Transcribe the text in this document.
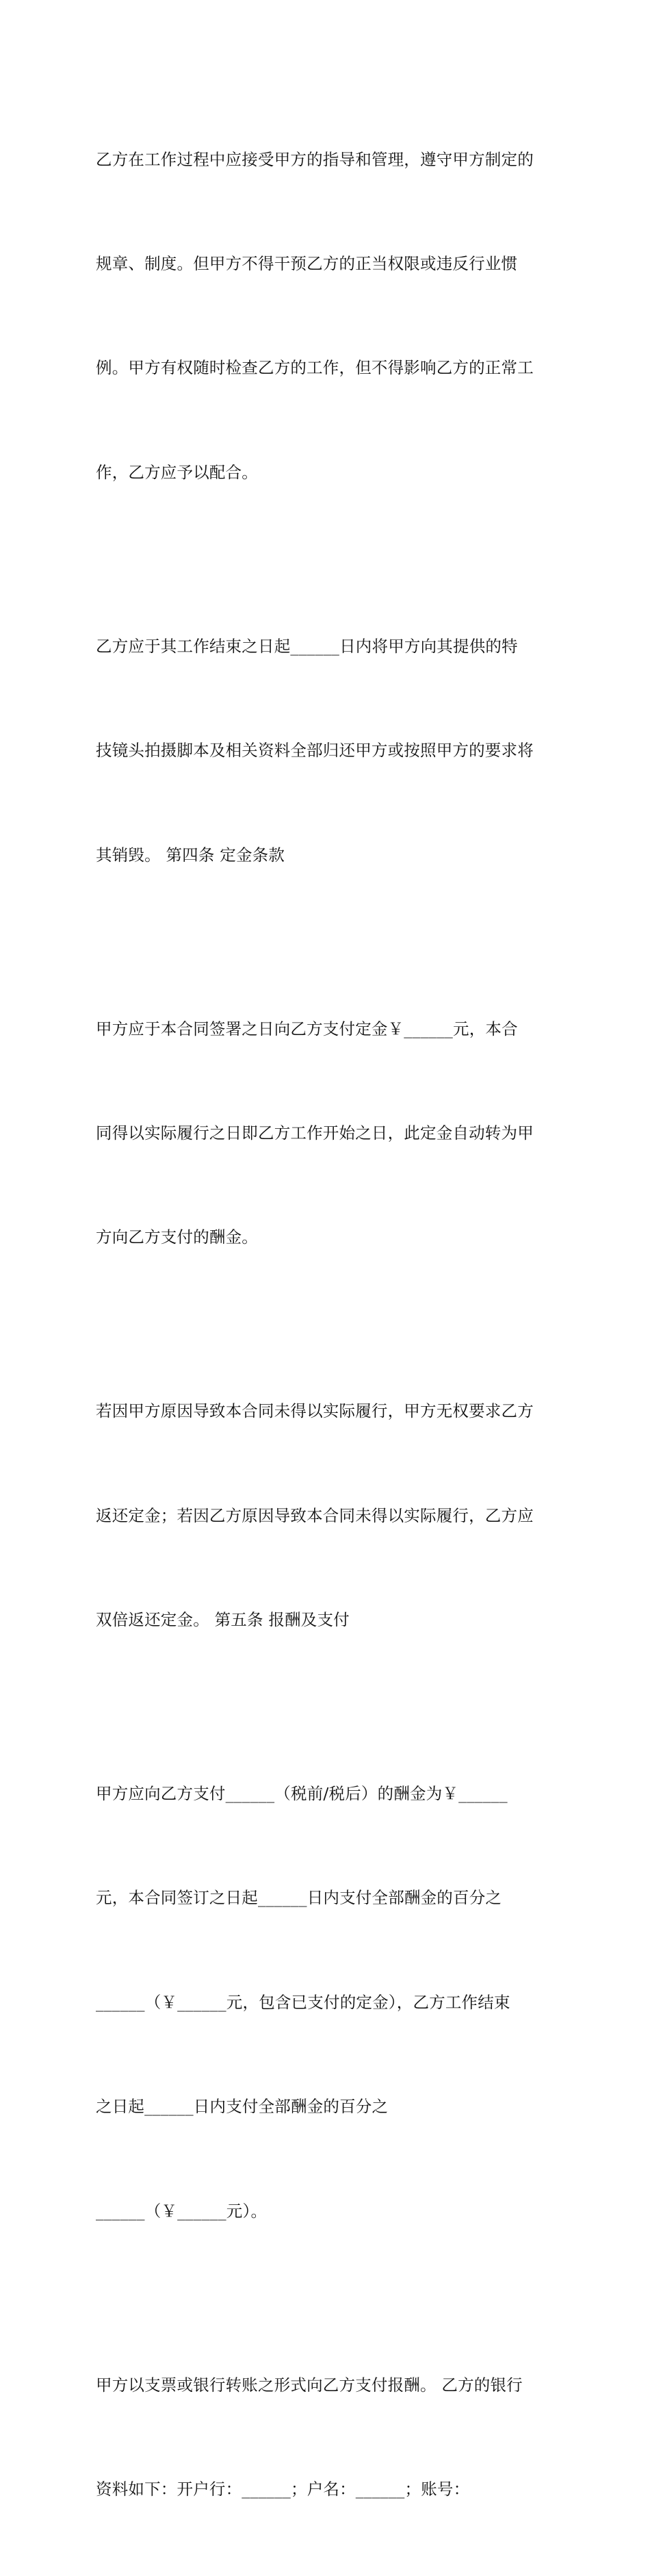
乙方在工作过程中应接受甲方的指导和管理，遵守甲方制定的

规章、制度。但甲方不得干预乙方的正当权限或违反行业惯

例。甲方有权随时检查乙方的工作，但不得影响乙方的正常工

作，乙方应予以配合。

乙方应于其工作结束之日起______日内将甲方向其提供的特

技镜头拍摄脚本及相关资料全部归还甲方或按照甲方的要求将

其销毁。 第四条 定金条款

甲方应于本合同签署之日向乙方支付定金￥______元，本合

同得以实际履行之日即乙方工作开始之日，此定金自动转为甲

方向乙方支付的酬金。

若因甲方原因导致本合同未得以实际履行，甲方无权要求乙方

返还定金；若因乙方原因导致本合同未得以实际履行，乙方应

双倍返还定金。 第五条 报酬及支付

甲方应向乙方支付______（税前/税后）的酬金为￥______

元，本合同签订之日起______日内支付全部酬金的百分之

______（￥______元，包含已支付的定金），乙方工作结束

之日起______日内支付全部酬金的百分之

______（￥______元）。

甲方以支票或银行转账之形式向乙方支付报酬。 乙方的银行

资料如下：开户行：______；户名：______；账号：
